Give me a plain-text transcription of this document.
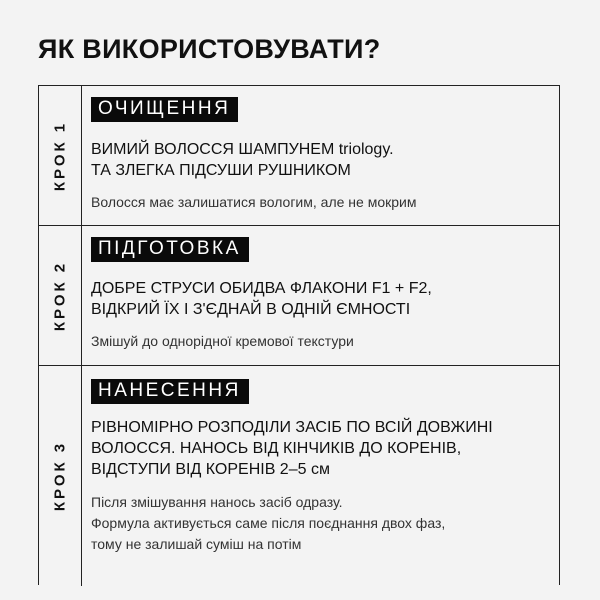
ЯК ВИКОРИСТОВУВАТИ?
КРОК 1
ОЧИЩЕННЯ
ВИМИЙ ВОЛОССЯ ШАМПУНЕМ triology.
ТА ЗЛЕГКА ПІДСУШИ РУШНИКОМ
Волосся має залишатися вологим, але не мокрим
КРОК 2
ПІДГОТОВКА
ДОБРЕ СТРУСИ ОБИДВА ФЛАКОНИ F1 + F2,
ВІДКРИЙ ЇХ І З'ЄДНАЙ В ОДНІЙ ЄМНОСТІ
Змішуй до однорідної кремової текстури
КРОК 3
НАНЕСЕННЯ
РІВНОМІРНО РОЗПОДІЛИ ЗАСІБ ПО ВСІЙ ДОВЖИНІ
ВОЛОССЯ. НАНОСЬ ВІД КІНЧИКІВ ДО КОРЕНІВ,
ВІДСТУПИ ВІД КОРЕНІВ 2–5 см
Після змішування нанось засіб одразу.
Формула активується саме після поєднання двох фаз,
тому не залишай суміш на потім
